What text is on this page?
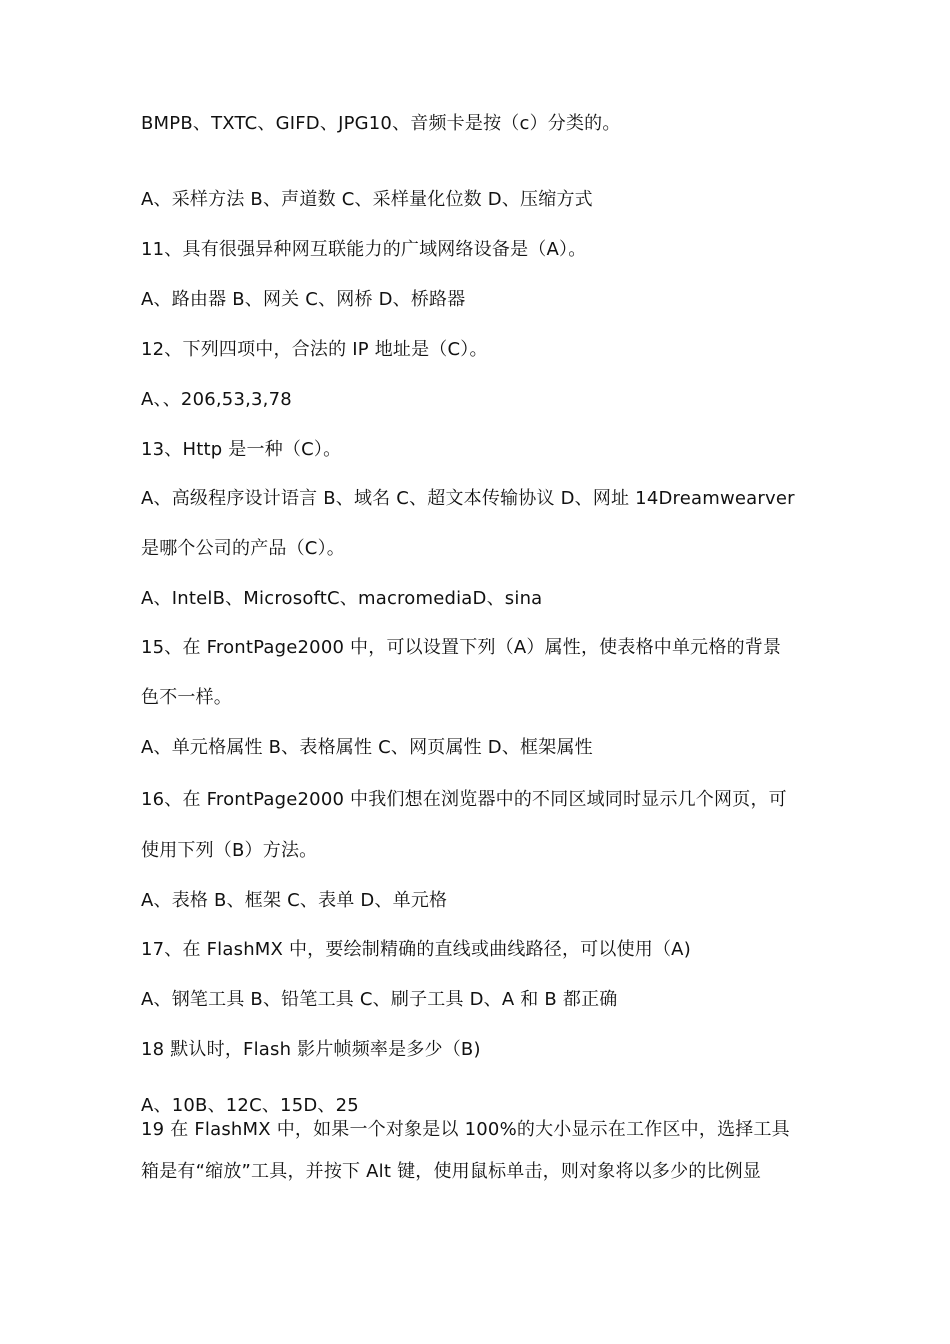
BMPB、TXTC、GIFD、JPG10、音频卡是按（c）分类的。
A、采样方法 B、声道数 C、采样量化位数 D、压缩方式
11、具有很强异种网互联能力的广域网络设备是（A）。
A、路由器 B、网关 C、网桥 D、桥路器
12、下列四项中，合法的 IP 地址是（C）。
A、、206,53,3,78
13、Http 是一种（C）。
A、高级程序设计语言 B、域名 C、超文本传输协议 D、网址 14Dreamwearver
是哪个公司的产品（C）。
A、IntelB、MicrosoftC、macromediaD、sina
15、在 FrontPage2000 中，可以设置下列（A）属性，使表格中单元格的背景
色不一样。
A、单元格属性 B、表格属性 C、网页属性 D、框架属性
16、在 FrontPage2000 中我们想在浏览器中的不同区域同时显示几个网页，可
使用下列（B）方法。
A、表格 B、框架 C、表单 D、单元格
17、在 FlashMX 中，要绘制精确的直线或曲线路径，可以使用（A)
A、钢笔工具 B、铅笔工具 C、刷子工具 D、A 和 B 都正确
18 默认时，Flash 影片帧频率是多少（B)
A、10B、12C、15D、25
19 在 FlashMX 中，如果一个对象是以 100%的大小显示在工作区中，选择工具
箱是有“缩放”工具，并按下 Alt 键，使用鼠标单击，则对象将以多少的比例显
